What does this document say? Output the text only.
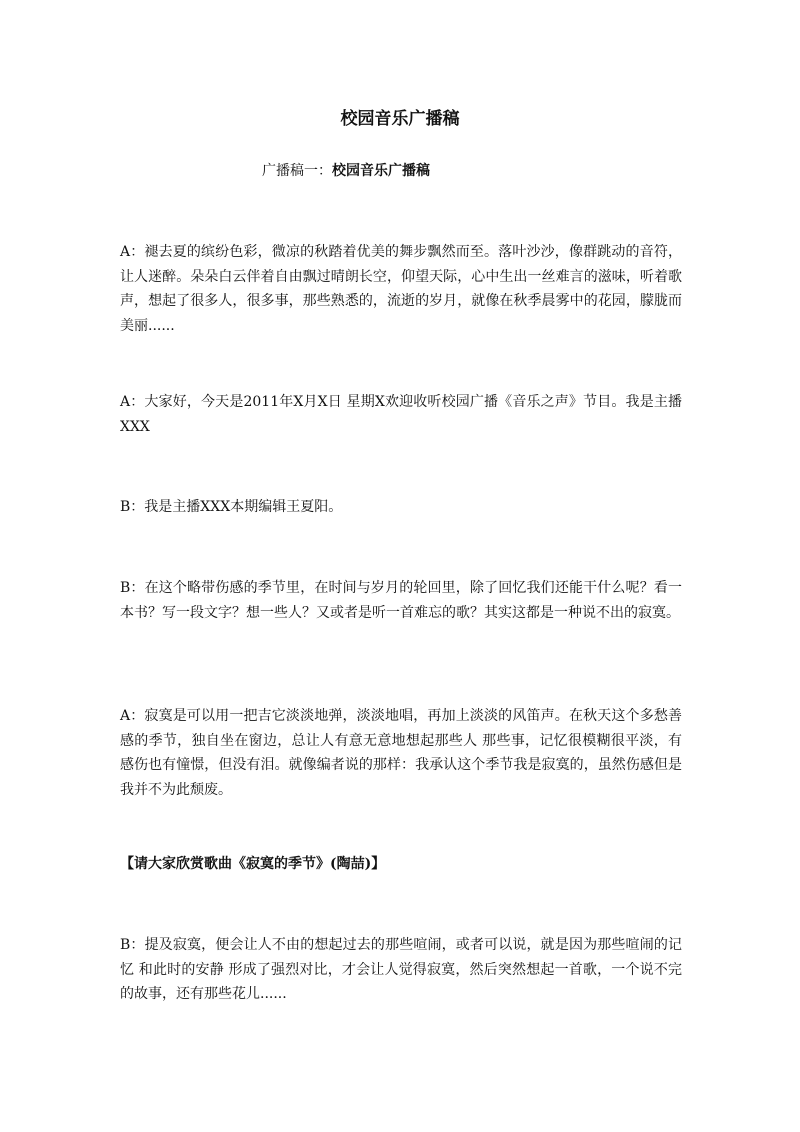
校园音乐广播稿
广播稿一：校园音乐广播稿

A：褪去夏的缤纷色彩，微凉的秋踏着优美的舞步飘然而至。落叶沙沙，像群跳动的音符，让人迷醉。朵朵白云伴着自由飘过晴朗长空，仰望天际，心中生出一丝难言的滋味，听着歌声，想起了很多人，很多事，那些熟悉的，流逝的岁月，就像在秋季晨雾中的花园，朦胧而美丽......

A：大家好，今天是2011年X月X日 星期X欢迎收听校园广播《音乐之声》节目。我是主播XXX

B：我是主播XXX本期编辑王夏阳。

B：在这个略带伤感的季节里，在时间与岁月的轮回里，除了回忆我们还能干什么呢？看一本书？写一段文字？想一些人？又或者是听一首难忘的歌？其实这都是一种说不出的寂寞。

A：寂寞是可以用一把吉它淡淡地弹，淡淡地唱，再加上淡淡的风笛声。在秋天这个多愁善感的季节，独自坐在窗边，总让人有意无意地想起那些人 那些事，记忆很模糊很平淡，有感伤也有憧憬，但没有泪。就像编者说的那样：我承认这个季节我是寂寞的，虽然伤感但是我并不为此颓废。

【请大家欣赏歌曲《寂寞的季节》(陶喆)】

B：提及寂寞，便会让人不由的想起过去的那些喧闹，或者可以说，就是因为那些喧闹的记忆 和此时的安静 形成了强烈对比，才会让人觉得寂寞，然后突然想起一首歌，一个说不完的故事，还有那些花儿......
